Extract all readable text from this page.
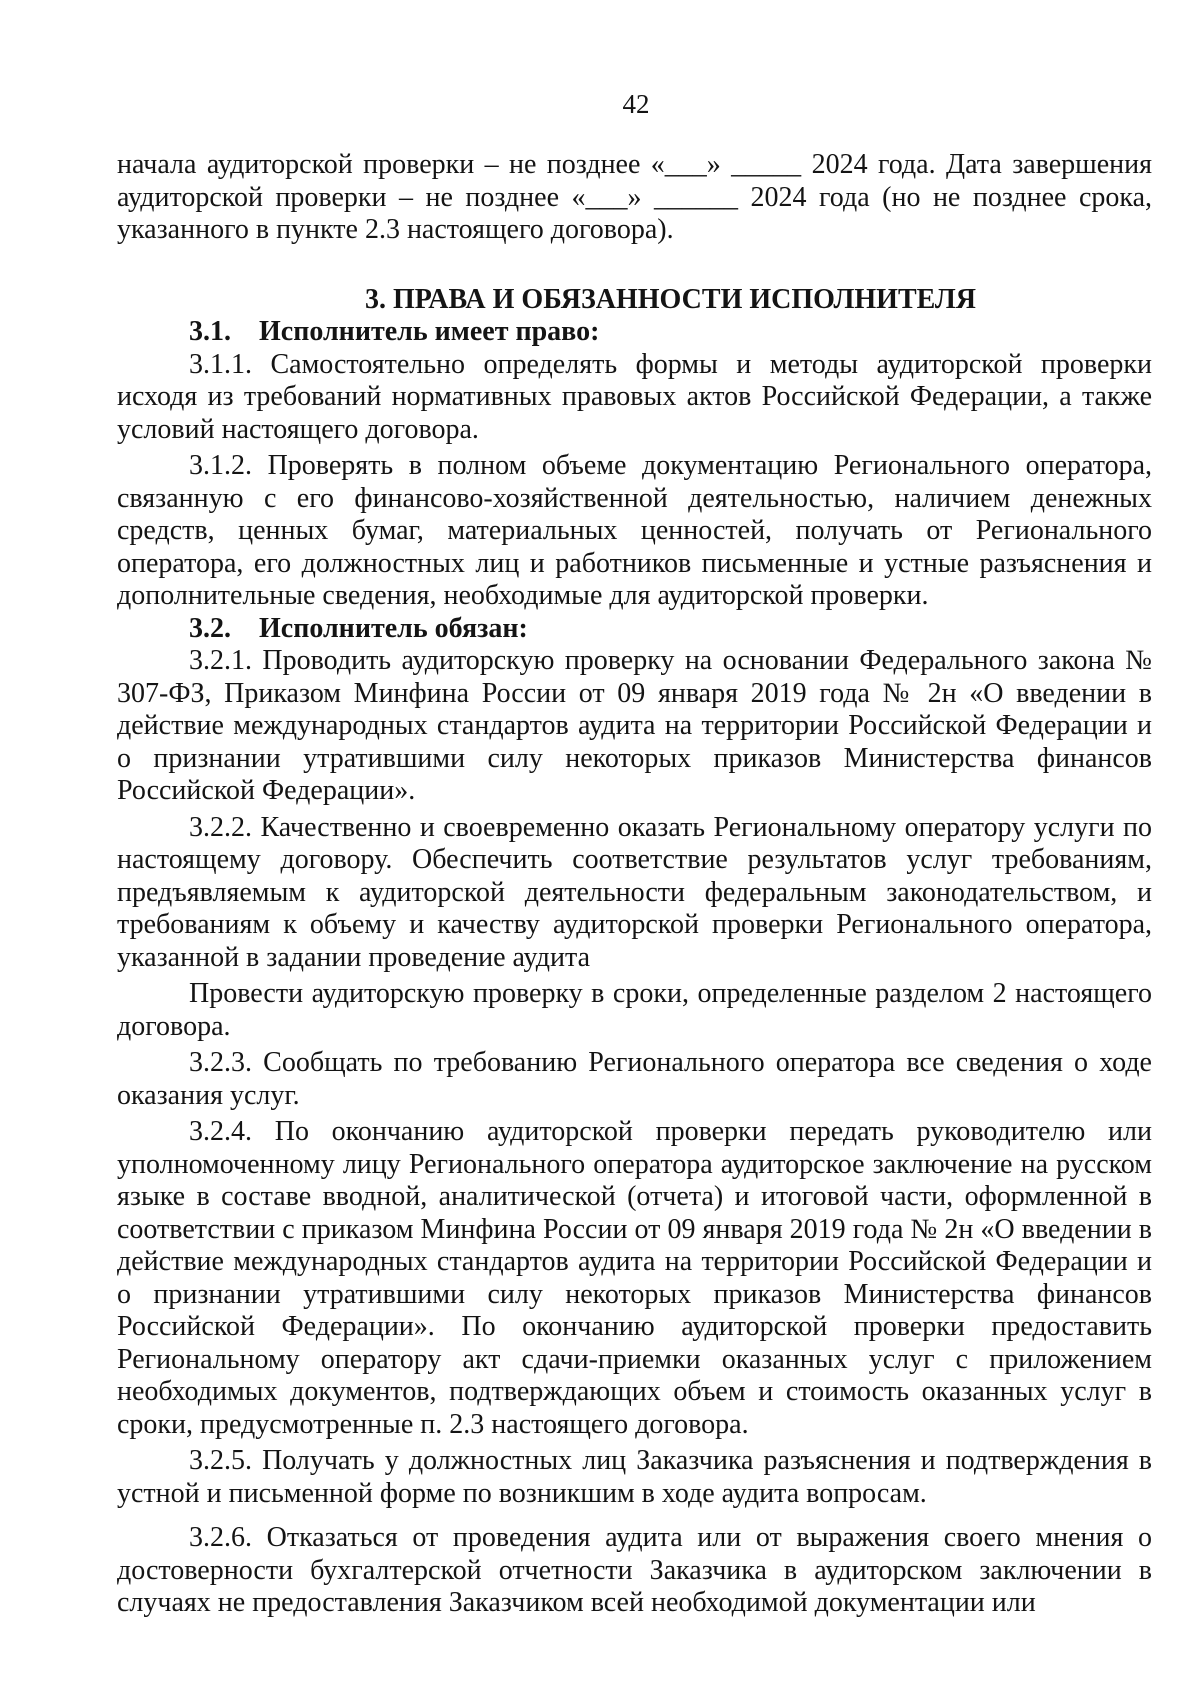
42

начала аудиторской проверки – не позднее «___» _____ 2024 года. Дата завершения аудиторской проверки – не позднее «___» ______ 2024 года (но не позднее срока, указанного в пункте 2.3 настоящего договора).

3. ПРАВА И ОБЯЗАННОСТИ ИСПОЛНИТЕЛЯ

3.1. Исполнитель имеет право:

3.1.1. Самостоятельно определять формы и методы аудиторской проверки исходя из требований нормативных правовых актов Российской Федерации, а также условий настоящего договора.

3.1.2. Проверять в полном объеме документацию Регионального оператора, связанную с его финансово-хозяйственной деятельностью, наличием денежных средств, ценных бумаг, материальных ценностей, получать от Регионального оператора, его должностных лиц и работников письменные и устные разъяснения и дополнительные сведения, необходимые для аудиторской проверки.

3.2. Исполнитель обязан:

3.2.1. Проводить аудиторскую проверку на основании Федерального закона № 307-ФЗ, Приказом Минфина России от 09 января 2019 года № 2н «О введении в действие международных стандартов аудита на территории Российской Федерации и о признании утратившими силу некоторых приказов Министерства финансов Российской Федерации».

3.2.2. Качественно и своевременно оказать Региональному оператору услуги по настоящему договору. Обеспечить соответствие результатов услуг требованиям, предъявляемым к аудиторской деятельности федеральным законодательством, и требованиям к объему и качеству аудиторской проверки Регионального оператора, указанной в задании проведение аудита

Провести аудиторскую проверку в сроки, определенные разделом 2 настоящего договора.

3.2.3. Сообщать по требованию Регионального оператора все сведения о ходе оказания услуг.

3.2.4. По окончанию аудиторской проверки передать руководителю или уполномоченному лицу Регионального оператора аудиторское заключение на русском языке в составе вводной, аналитической (отчета) и итоговой части, оформленной в соответствии с приказом Минфина России от 09 января 2019 года № 2н «О введении в действие международных стандартов аудита на территории Российской Федерации и о признании утратившими силу некоторых приказов Министерства финансов Российской Федерации». По окончанию аудиторской проверки предоставить Региональному оператору акт сдачи-приемки оказанных услуг с приложением необходимых документов, подтверждающих объем и стоимость оказанных услуг в сроки, предусмотренные п. 2.3 настоящего договора.

3.2.5. Получать у должностных лиц Заказчика разъяснения и подтверждения в устной и письменной форме по возникшим в ходе аудита вопросам.

3.2.6. Отказаться от проведения аудита или от выражения своего мнения о достоверности бухгалтерской отчетности Заказчика в аудиторском заключении в случаях не предоставления Заказчиком всей необходимой документации или
